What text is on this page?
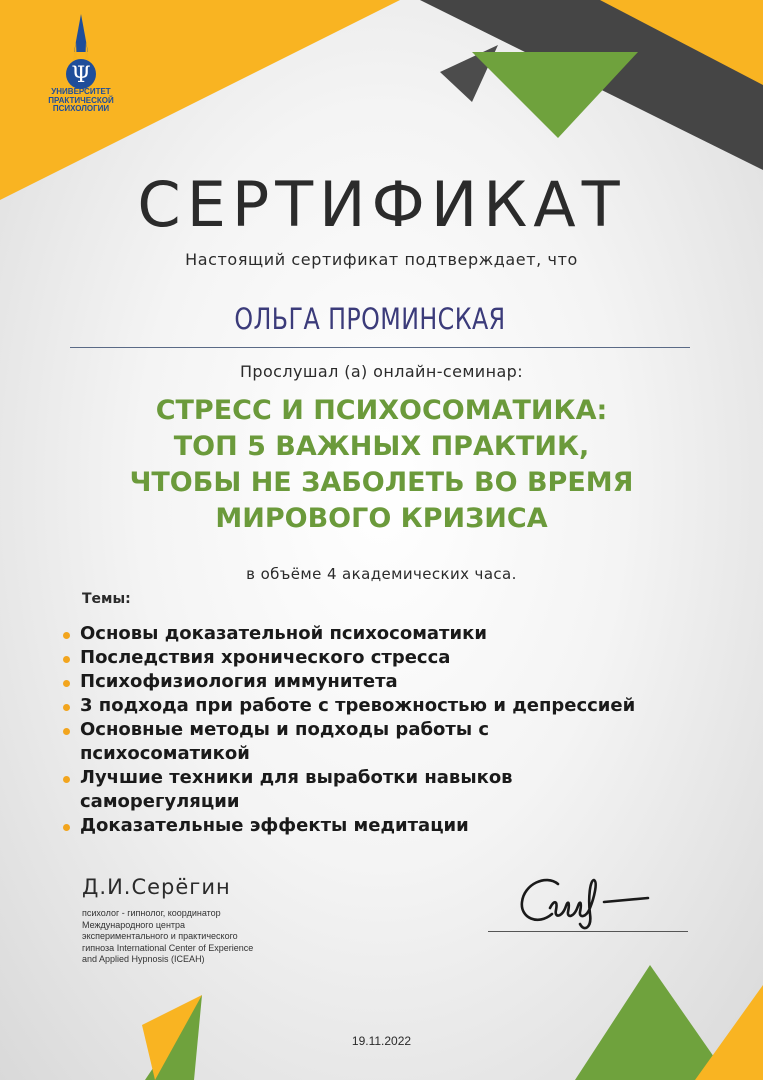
Ψ
УНИВЕРСИТЕТ
ПРАКТИЧЕСКОЙ
ПСИХОЛОГИИ
СЕРТИФИКАТ
Настоящий сертификат подтверждает, что
ОЛЬГА ПРОМИНСКАЯ
Прослушал (а) онлайн-семинар:
СТРЕСС И ПСИХОСОМАТИКА:
ТОП 5 ВАЖНЫХ ПРАКТИК,
ЧТОБЫ НЕ ЗАБОЛЕТЬ ВО ВРЕМЯ
МИРОВОГО КРИЗИСА
в объёме 4 академических часа.
Темы:
Основы доказательной психосоматики
Последствия хронического стресса
Психофизиология иммунитета
3 подхода при работе с тревожностью и депрессией
Основные методы и подходы работы с
психосоматикой
Лучшие техники для выработки навыков
саморегуляции
Доказательные эффекты медитации
Д.И.Серёгин
психолог - гипнолог, координатор
Международного центра
экспериментального и практического
гипноза International Center of Experience
and Applied Hypnosis (ICEAH)
19.11.2022
